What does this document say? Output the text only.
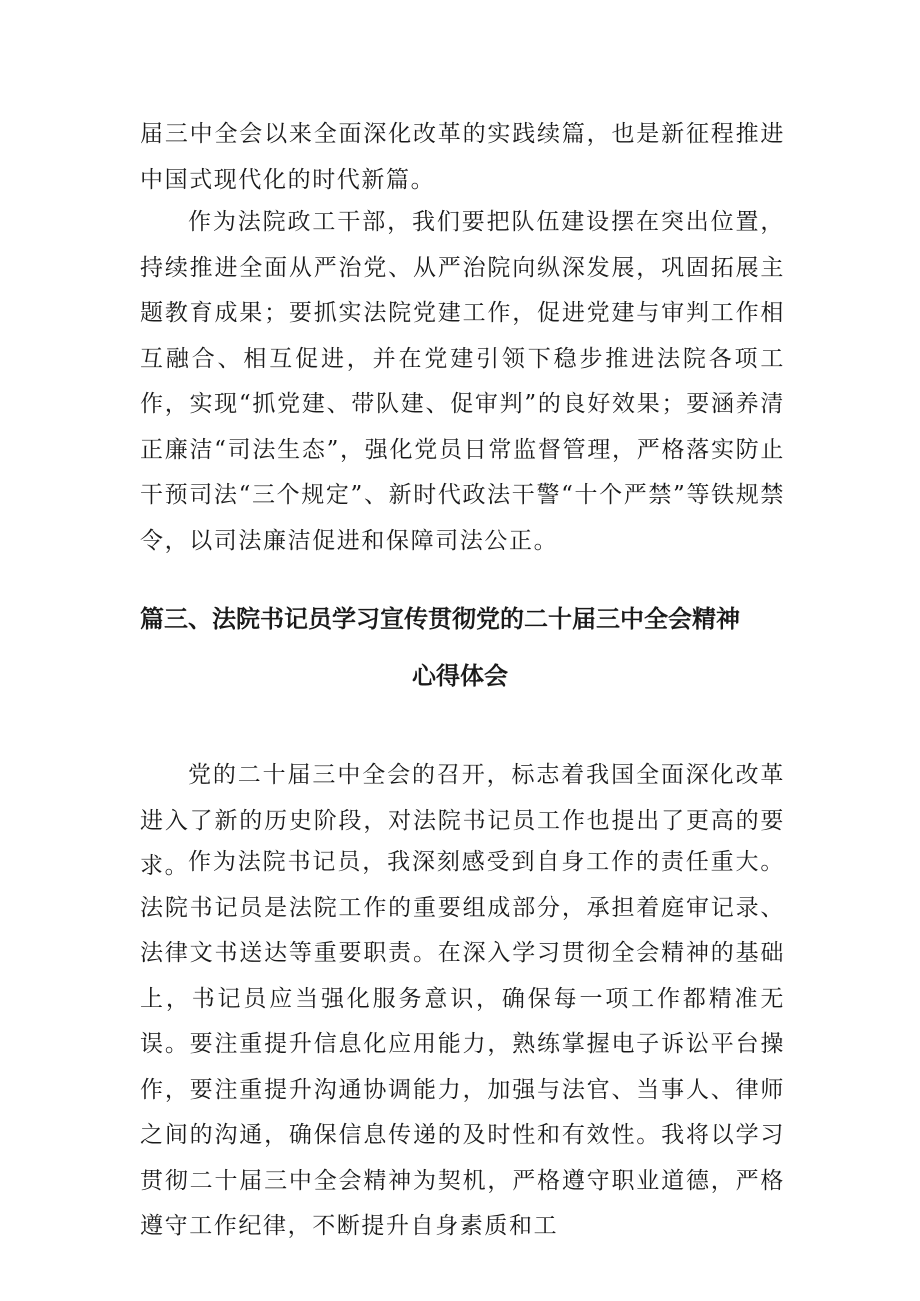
届三中全会以来全面深化改革的实践续篇，也是新征程推进中国式现代化的时代新篇。

作为法院政工干部，我们要把队伍建设摆在突出位置，持续推进全面从严治党、从严治院向纵深发展，巩固拓展主题教育成果；要抓实法院党建工作，促进党建与审判工作相互融合、相互促进，并在党建引领下稳步推进法院各项工作，实现“抓党建、带队建、促审判”的良好效果；要涵养清正廉洁“司法生态”，强化党员日常监督管理，严格落实防止干预司法“三个规定”、新时代政法干警“十个严禁”等铁规禁令，以司法廉洁促进和保障司法公正。

篇三、法院书记员学习宣传贯彻党的二十届三中全会精神
心得体会

党的二十届三中全会的召开，标志着我国全面深化改革进入了新的历史阶段，对法院书记员工作也提出了更高的要求。

作为法院书记员，我深刻感受到自身工作的责任重大。法院书记员是法院工作的重要组成部分，承担着庭审记录、法律文书送达等重要职责。在深入学习贯彻全会精神的基础上，书记员应当强化服务意识，确保每一项工作都精准无误。要注重提升信息化应用能力，熟练掌握电子诉讼平台操作，要注重提升沟通协调能力，加强与法官、当事人、律师之间的沟通，确保信息传递的及时性和有效性。我将以学习贯彻二十届三中全会精神为契机，严格遵守职业道德，严格遵守工作纪律，不断提升自身素质和工
